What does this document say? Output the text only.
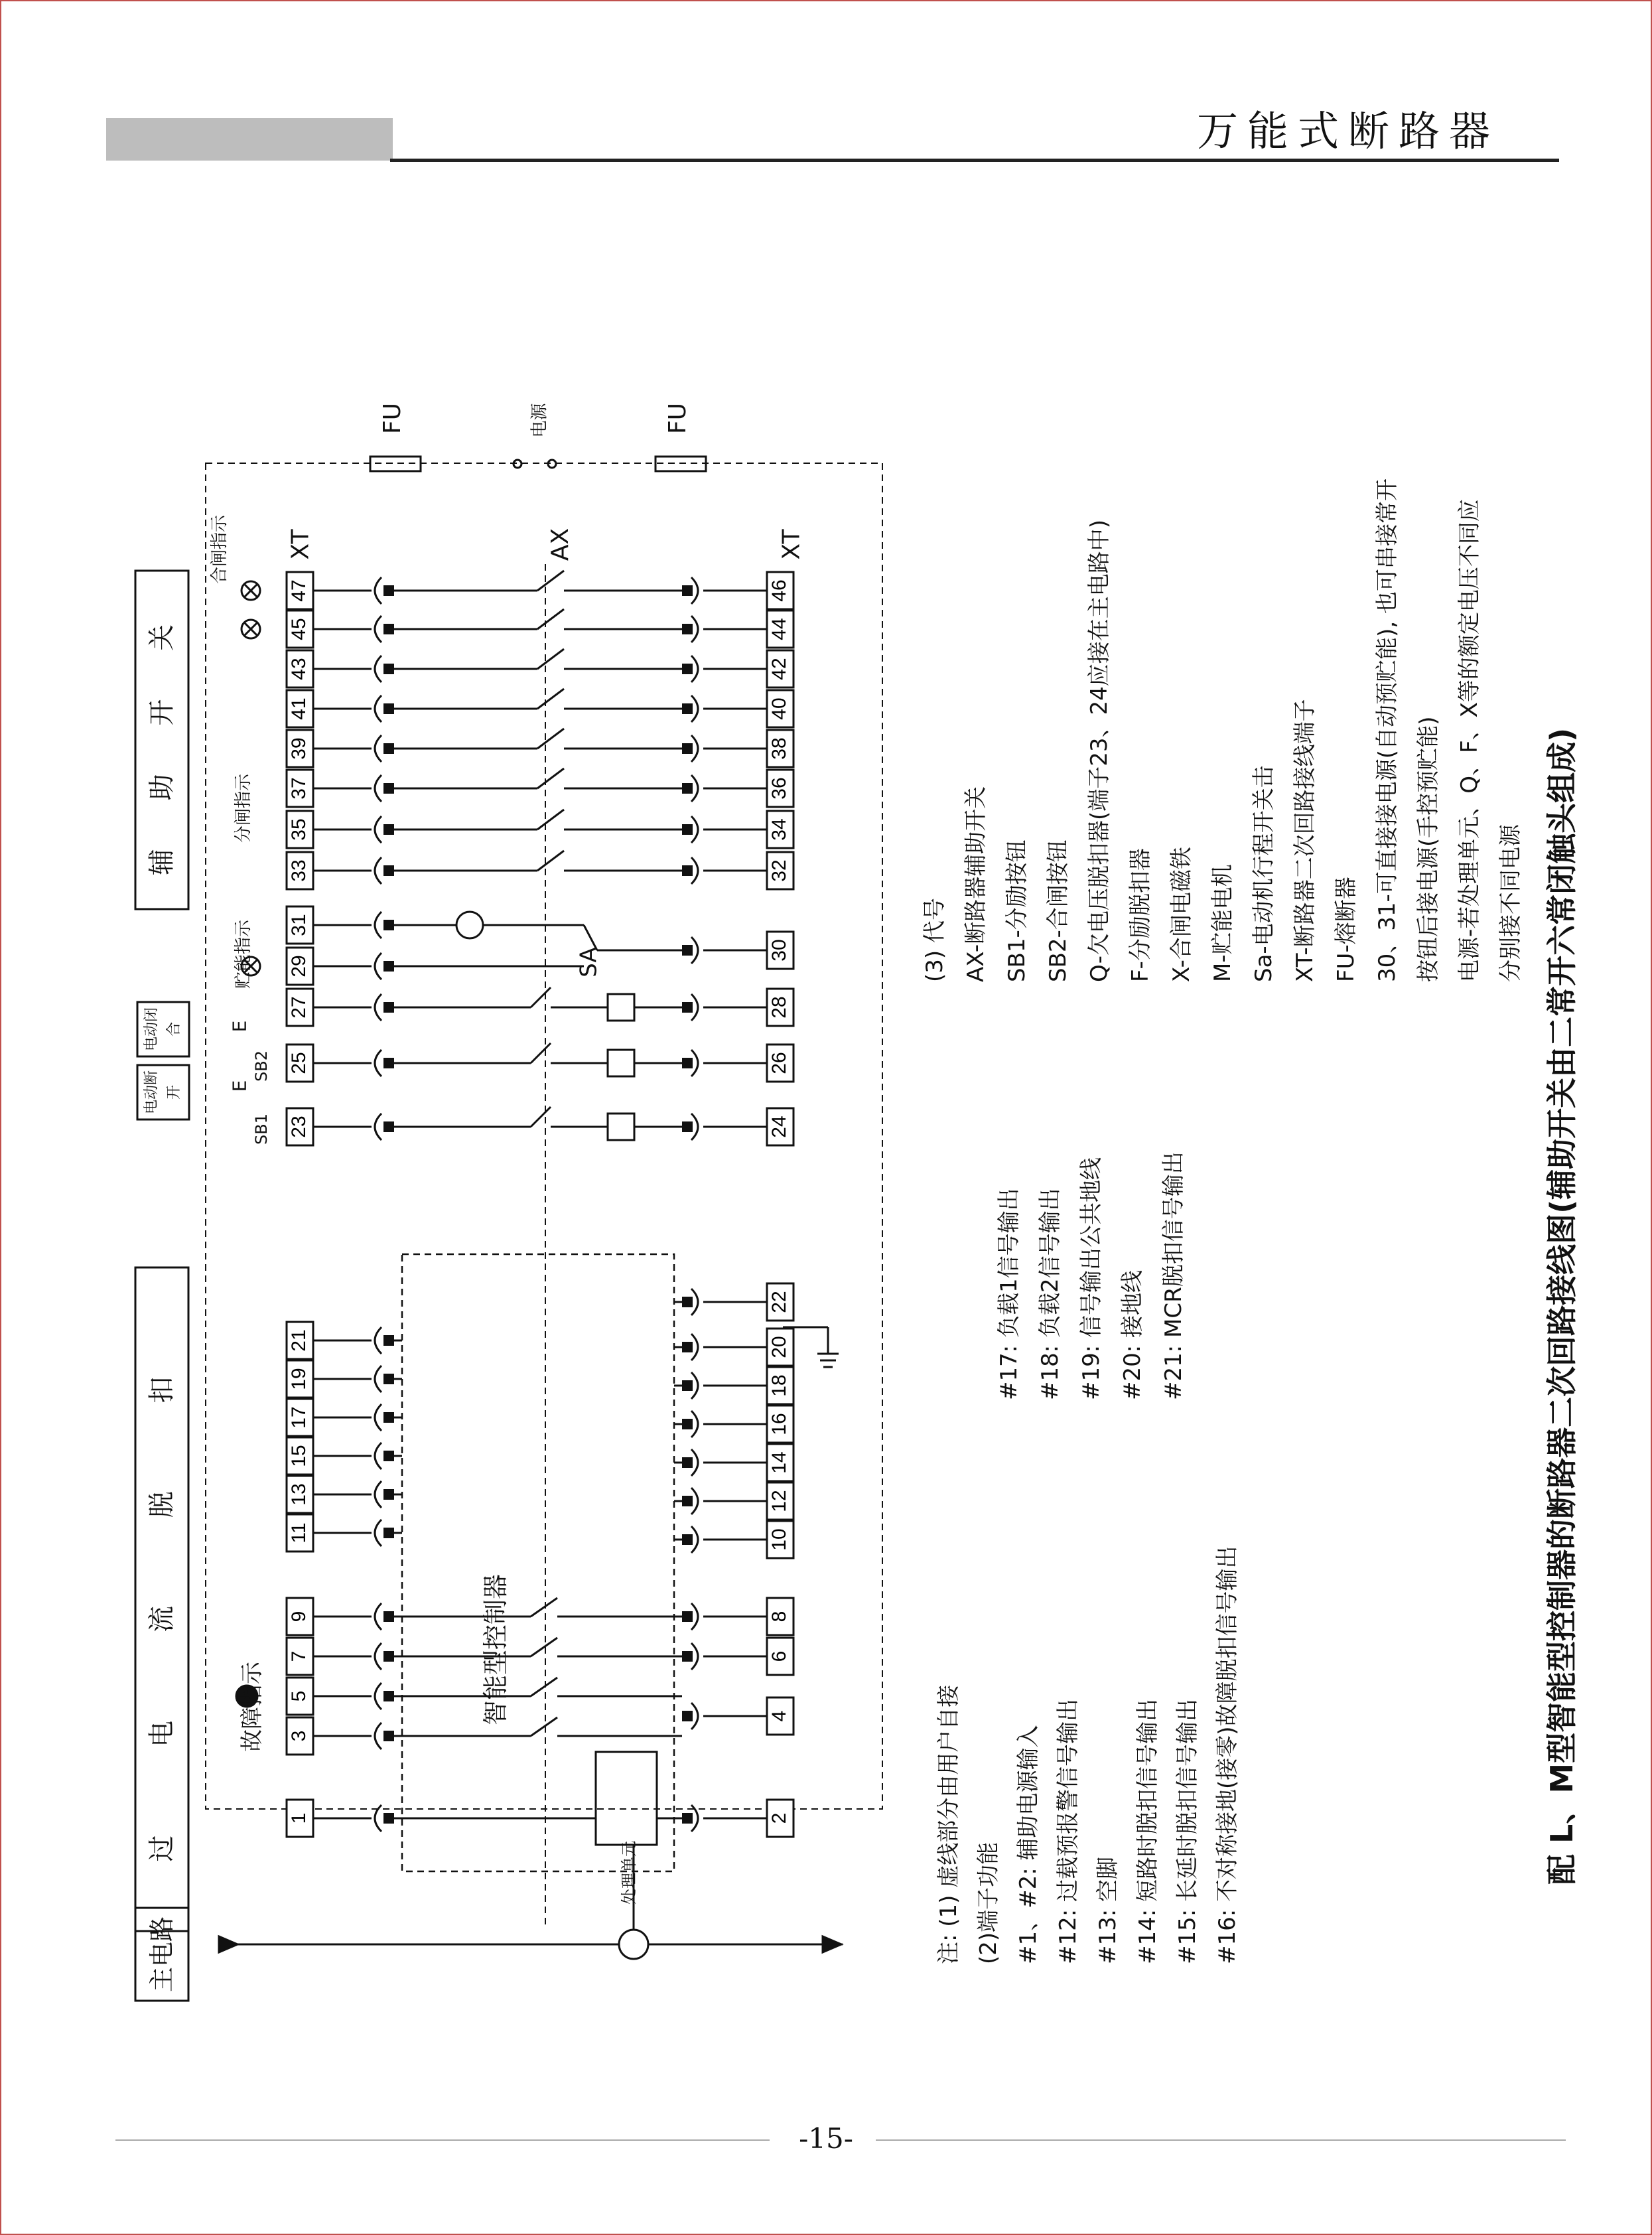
万能式断路器
1
3
5
7
9
11
13
15
17
19
21
23
25
27
29
31
33
35
37
39
41
43
45
47
2
4
6
8
10
12
14
16
18
20
22
24
26
28
30
32
34
36
38
40
42
44
46
配 L、M型智能型控制器的断路器二次回路接线图(辅助开关由二常开六常闭触头组成)
辅 助 开 关
过 电 流 脱 扣
主电路
电动断开
电动闭合
FU	FU
电源
XT	XT
AX
SA
合闸指示
分闸指示
贮能指示
故障指示	智能型控制器
处理单元
SB1
SB2
E
E
注: (1) 虚线部分由用户自接 (2)端子功能 #1、#2: 辅助电源输入 #12: 过载预报警信号输出 #13: 空脚 #14: 短路时脱扣信号输出 #15: 长延时脱扣信号输出 #16: 不对称接地(接零)故障脱扣信号输出
#17: 负载1信号输出 #18: 负载2信号输出 #19: 信号输出公共地线 #20: 接地线 #21: MCR脱扣信号输出
(3) 代号 AX-断路器辅助开关 SB1-分励按钮 SB2-合闸按钮 Q-欠电压脱扣器(端子23、24应接在主电路中) F-分励脱扣器 X-合闸电磁铁 M-贮能电机 Sa-电动机行程开关击 XT-断路器二次回路接线端子 FU-熔断器 30、31-可直接接电源(自动预贮能), 也可串接常开 按钮后接电源(手控预贮能) 电源-若处理单元、Q、F、X等的额定电压不同应 分别接不同电源
-15-
